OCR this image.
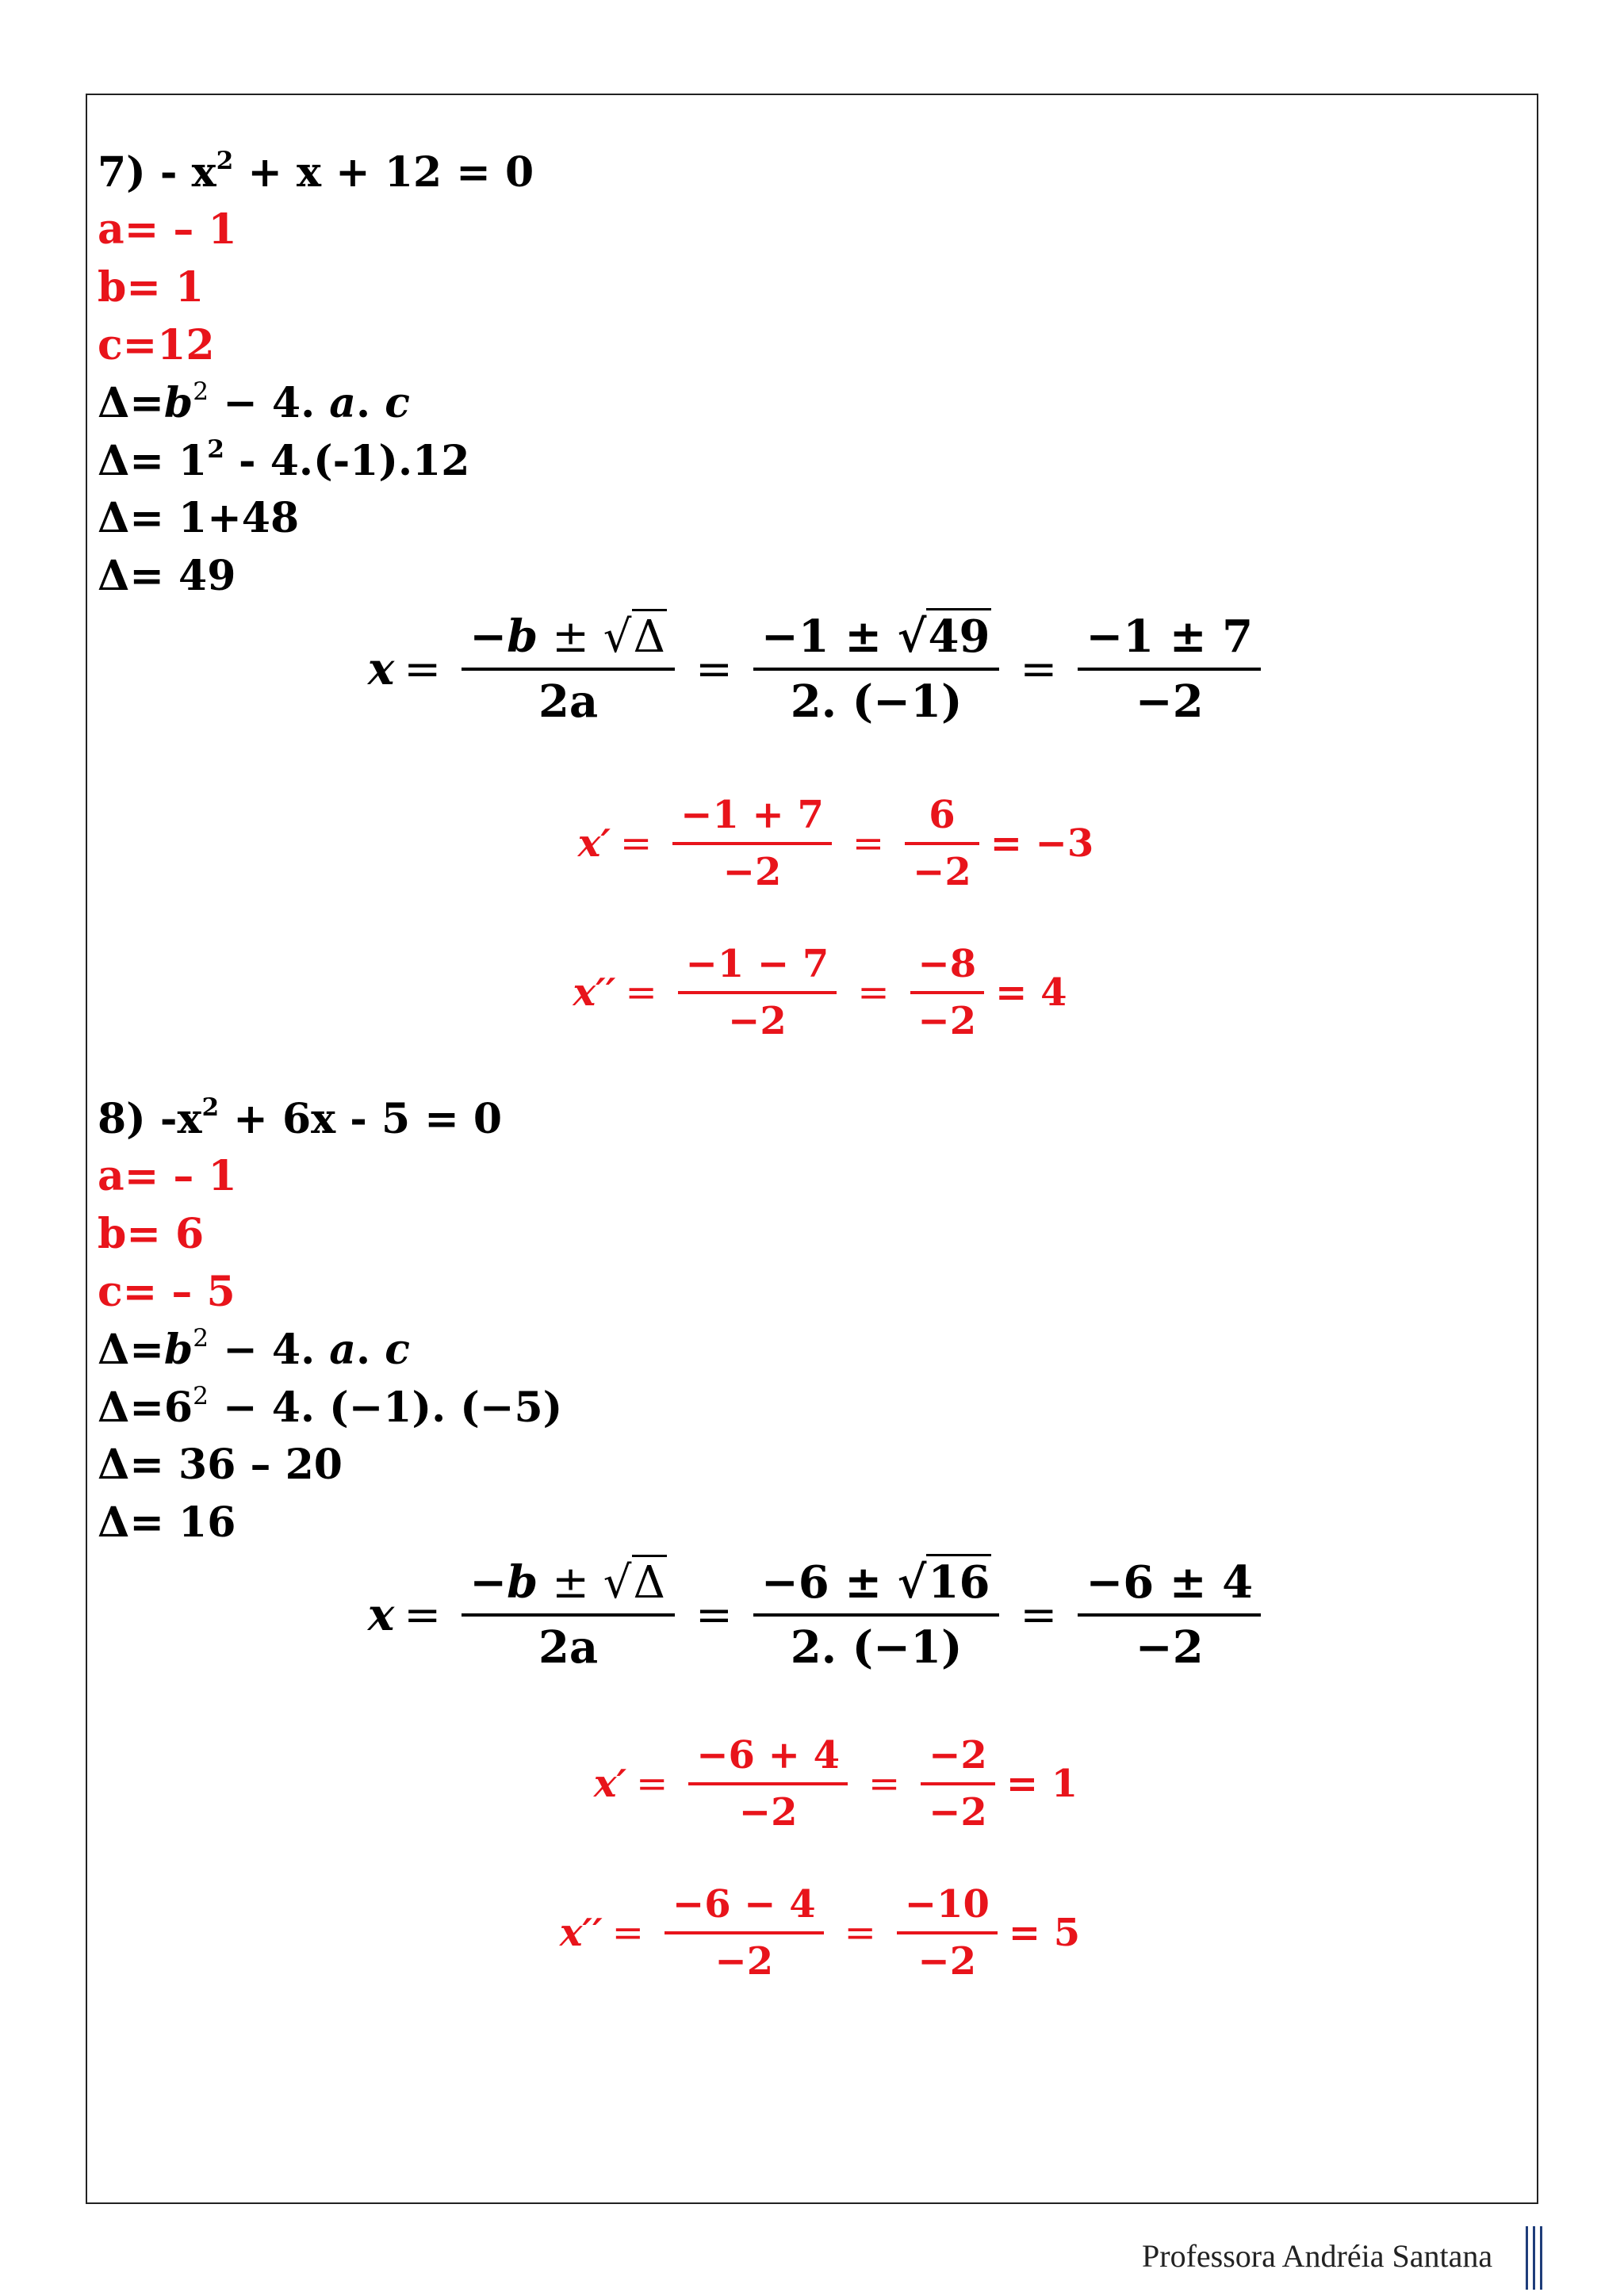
$7) - x^2 + x + 12 = 0$
a= – 1
b= 1
c=12
$\Delta=b^2 - 4$. a. c
$\Delta= 1^2 - 4.(-1).12$
Δ= 1+48
Δ= 49
$x = \frac{-b \pm √\Delta}{2a} = \frac{-1 \pm √49}{2. (-1)} = \frac{-1 \pm 7}{-2}$
$x' = \frac{-1 + 7}{-2} = \frac{6}{-2} = -3$
$x'' = \frac{-1 - 7}{-2} = \frac{-8}{-2} = 4$
8) $-x^2 + 6x - 5 = 0$
a= – 1
b= 6
c= – 5
$\Delta=b^2 - 4$. a. c
$\Delta=6^2 - 4$. (−1). (−5)
Δ= 36 – 20
Δ= 16
$x = \frac{-b \pm √\Delta}{2a} = \frac{-6 \pm √16}{2. (-1)} = \frac{-6 \pm 4}{-2}$
$x' = \frac{-6 + 4}{-2} = \frac{-2}{-2} = 1$
$x'' = \frac{-6 - 4}{-2} = \frac{-10}{-2} = 5$
Professora Andréia Santana
